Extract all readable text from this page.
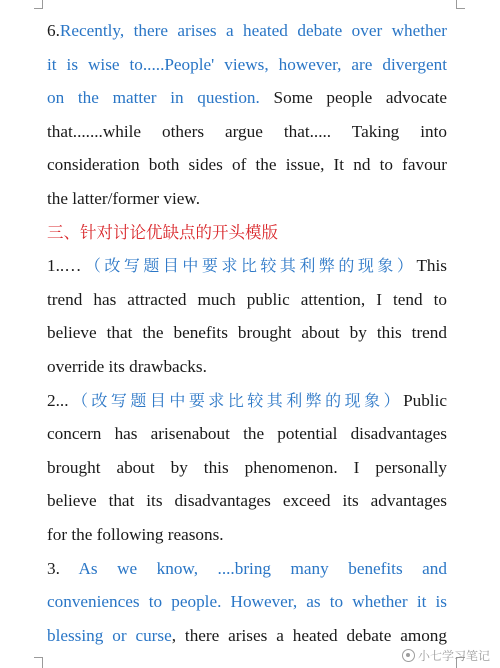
6.Recently, there arises a heated debate over whether
it is wise to.....People' views, however, are divergent
on the matter in question. Some people advocate
that.......while others argue that..... Taking into
consideration both sides of the issue, It nd to favour
the latter/former view.
三、针对讨论优缺点的开头模版
1..…（改写题目中要求比较其利弊的现象）This
trend has attracted much public attention, I tend to
believe that the benefits brought about by this trend
override its drawbacks.
2...（改写题目中要求比较其利弊的现象）Public
concern has arisenabout the potential disadvantages
brought about by this phenomenon. I personally
believe that its disadvantages exceed its advantages
for the following reasons.
3. As we know, ....bring many benefits and
conveniences to people. However, as to whether it is
blessing or curse, there arises a heated debate among
小七学习笔记
